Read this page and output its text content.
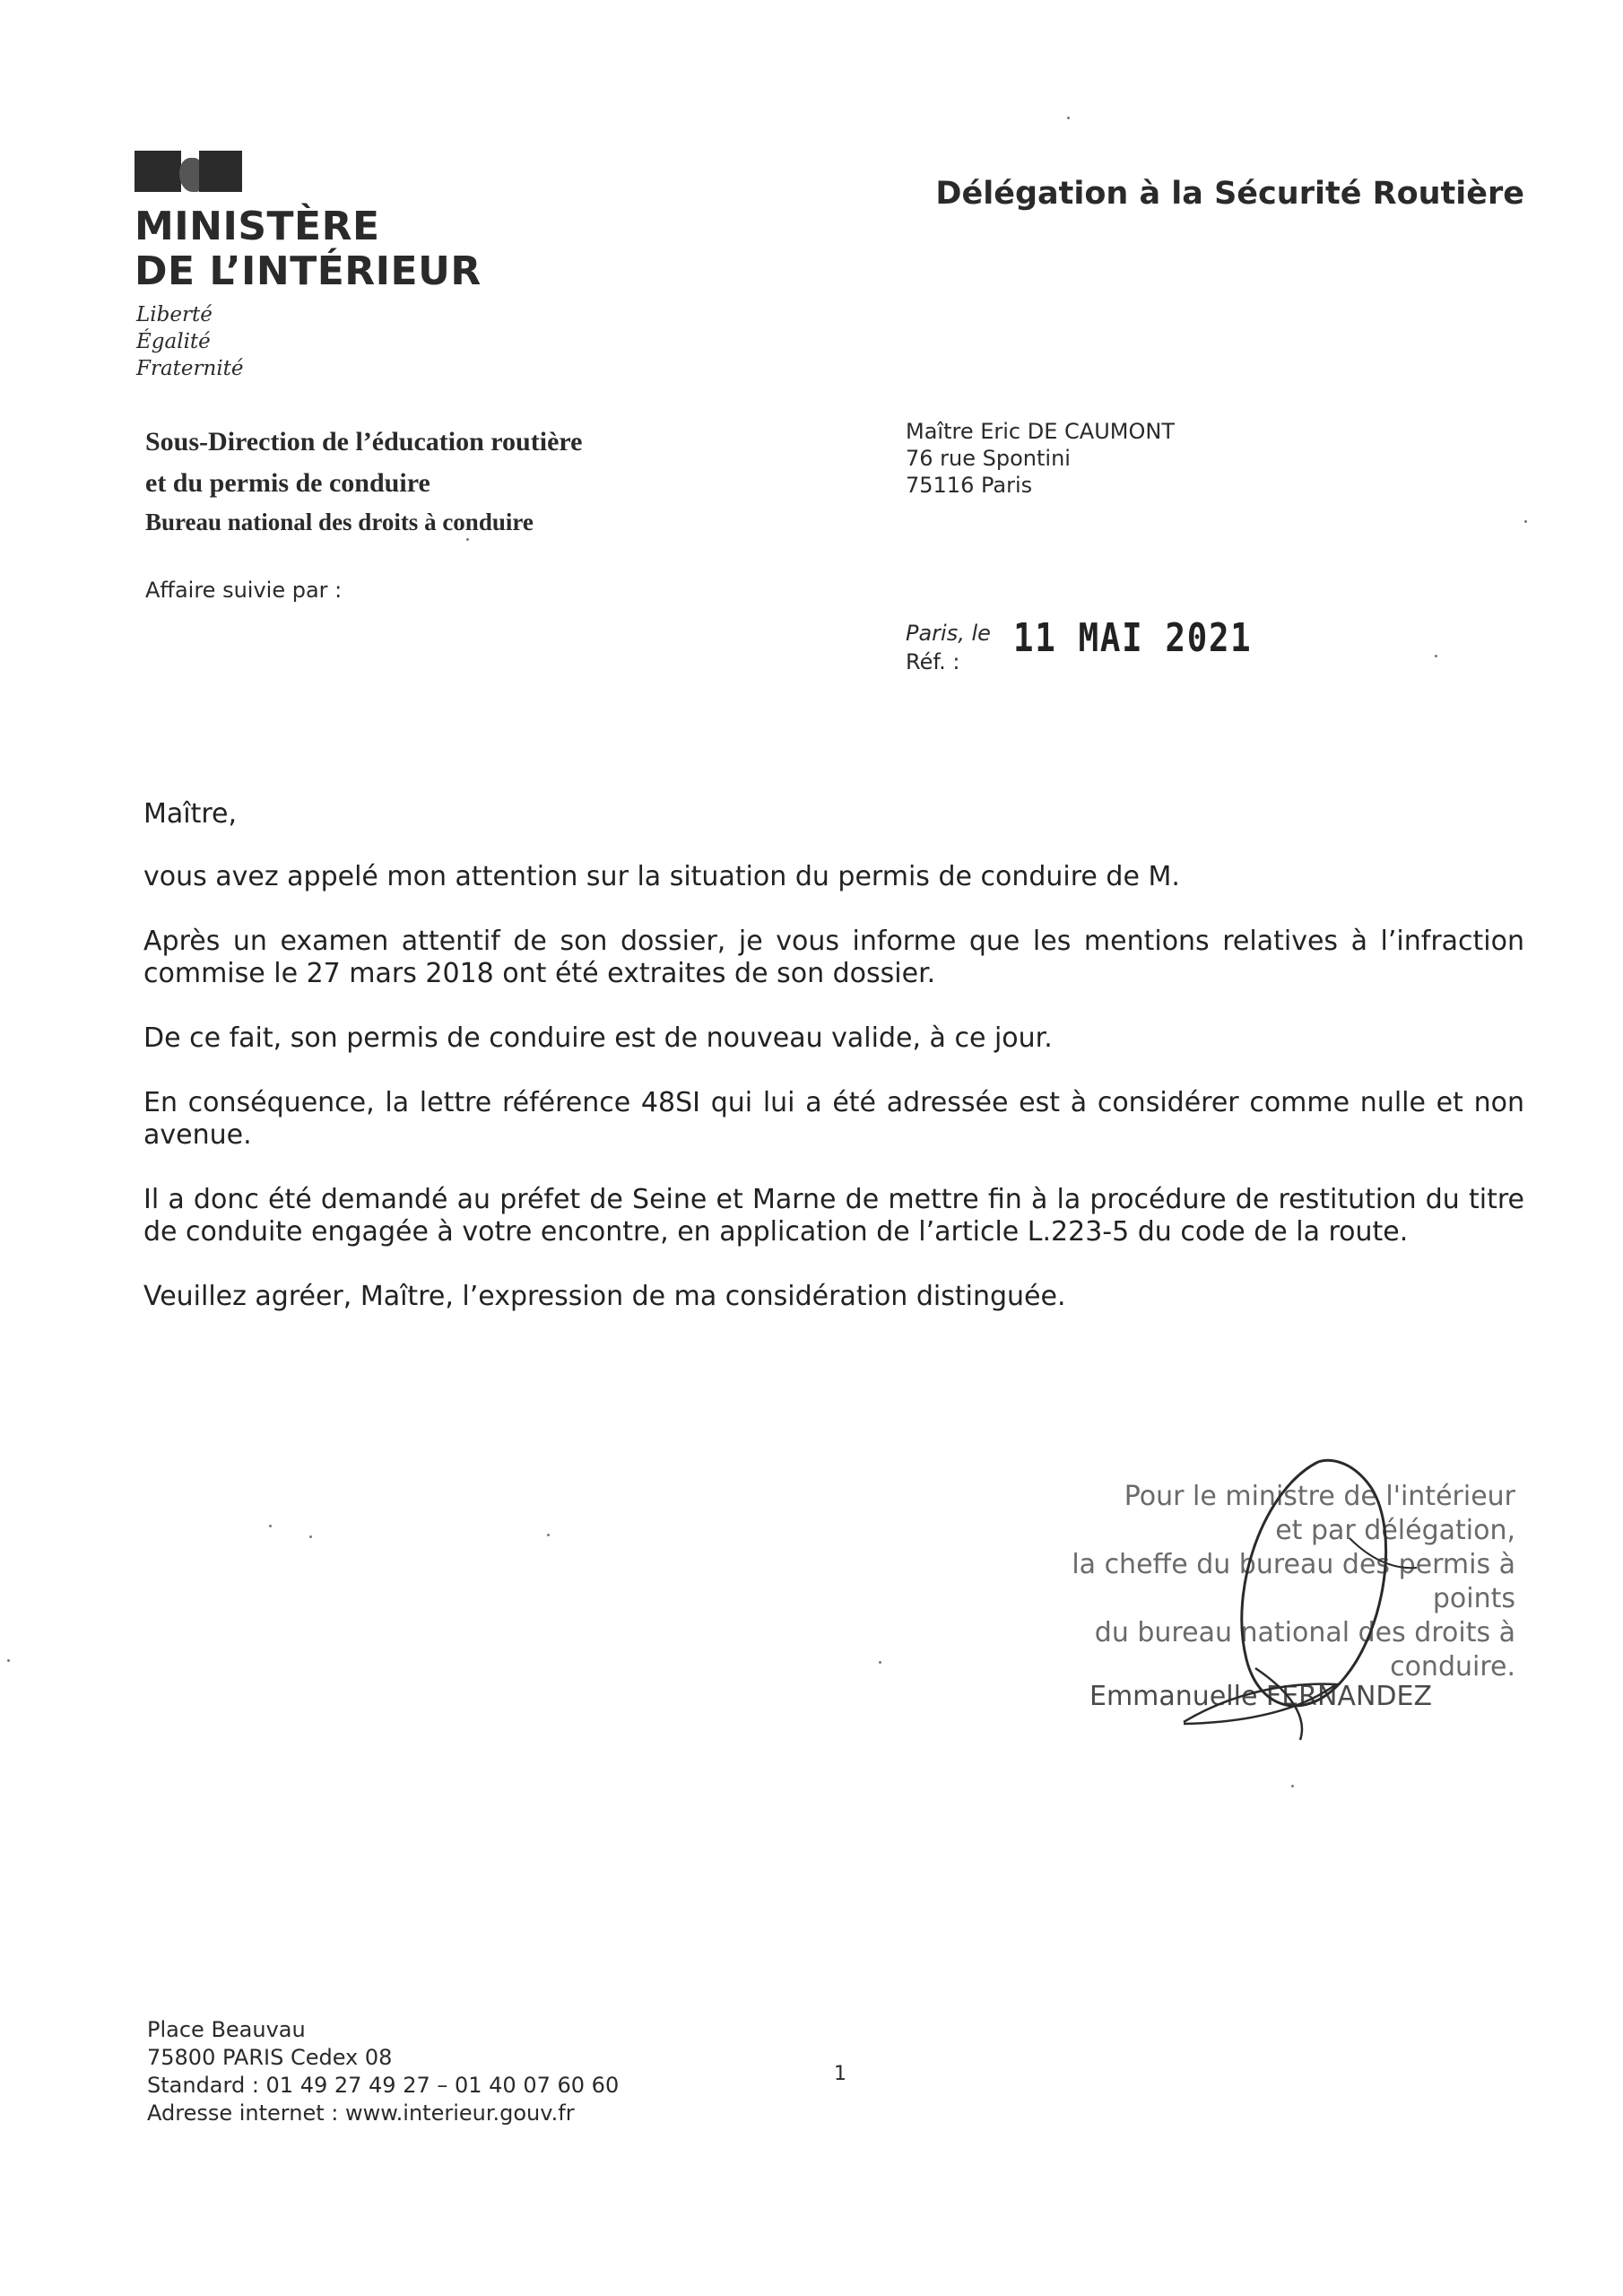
MINISTÈRE
DE L’INTÉRIEUR
Liberté
Égalité
Fraternité
Délégation à la Sécurité Routière
Sous-Direction de l’éducation routière
et du permis de conduire
Bureau national des droits à conduire
Affaire suivie par :
Maître Eric DE CAUMONT
76 rue Spontini
75116 Paris
Paris, le
Réf. :
11 MAI 2021

Maître,

vous avez appelé mon attention sur la situation du permis de conduire de M.

Après un examen attentif de son dossier, je vous informe que les mentions relatives à l’infraction commise le 27 mars 2018 ont été extraites de son dossier.

De ce fait, son permis de conduire est de nouveau valide, à ce jour.

En conséquence, la lettre référence 48SI qui lui a été adressée est à considérer comme nulle et non avenue.

Il a donc été demandé au préfet de Seine et Marne de mettre fin à la procédure de restitution du titre de conduite engagée à votre encontre, en application de l’article L.223-5 du code de la route.

Veuillez agréer, Maître, l’expression de ma considération distinguée.

Pour le ministre de l'intérieur
et par délégation,
la cheffe du bureau des permis à points
du bureau national des droits à conduire.
Emmanuelle FERNANDEZ
Place Beauvau
75800 PARIS Cedex 08
Standard : 01 49 27 49 27 – 01 40 07 60 60
Adresse internet : www.interieur.gouv.fr
1
